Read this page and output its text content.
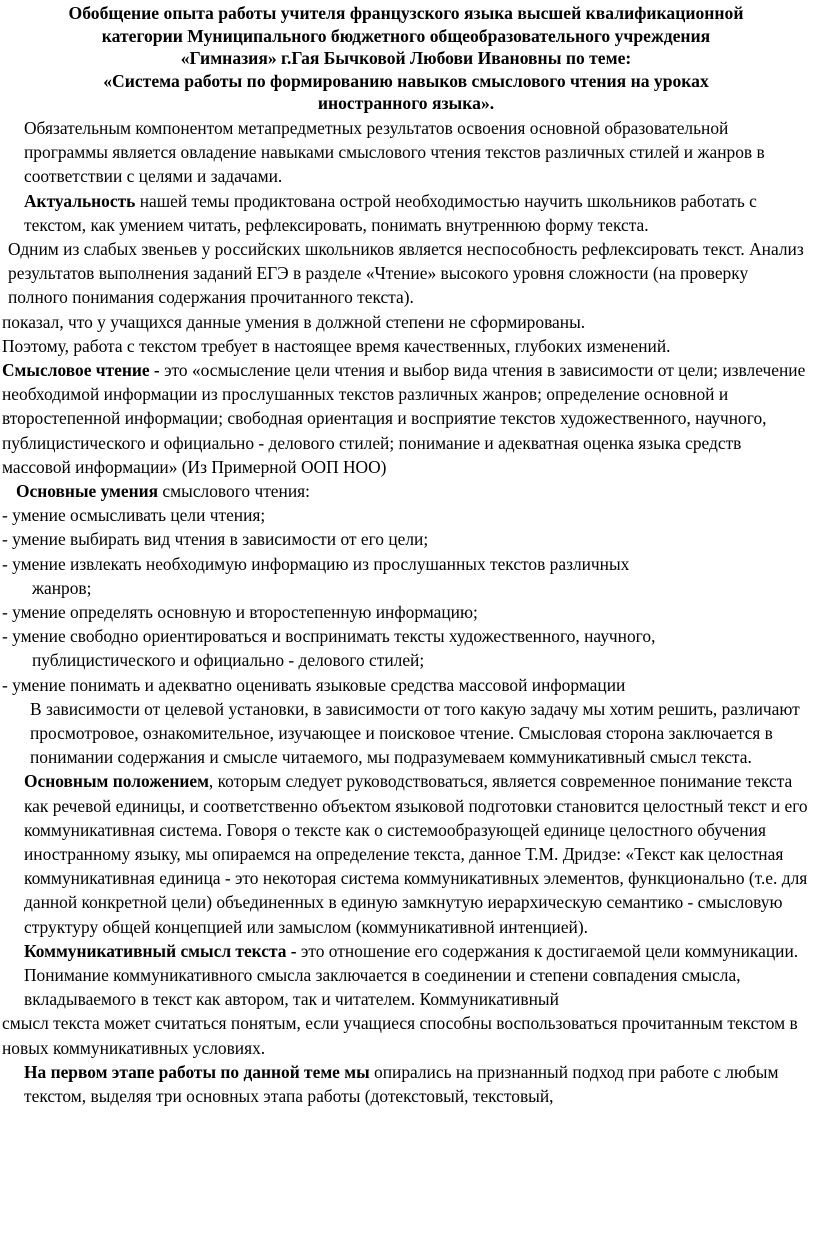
Обобщение опыта работы учителя французского языка высшей квалификационной
категории Муниципального бюджетного общеобразовательного учреждения
«Гимназия» г.Гая Бычковой Любови Ивановны по теме:
«Система работы по формированию навыков смыслового чтения на уроках
иностранного языка».

Обязательным компонентом метапредметных результатов освоения основной образовательной программы является овладение навыками смыслового чтения текстов различных стилей и жанров в соответствии с целями и задачами.

Актуальность нашей темы продиктована острой необходимостью научить школьников работать с текстом, как умением читать, рефлексировать, понимать внутреннюю форму текста.

Одним из слабых звеньев у российских школьников является неспособность рефлексировать текст. Анализ результатов выполнения заданий ЕГЭ в разделе «Чтение» высокого уровня сложности (на проверку полного понимания содержания прочитанного текста).

показал, что у учащихся данные умения в должной степени не сформированы.
Поэтому, работа с текстом требует в настоящее время качественных, глубоких изменений.

Смысловое чтение - это «осмысление цели чтения и выбор вида чтения в зависимости от цели; извлечение необходимой информации из прослушанных текстов различных жанров; определение основной и второстепенной информации; свободная ориентация и восприятие текстов художественного, научного, публицистического и официально - делового стилей; понимание и адекватная оценка языка средств массовой информации» (Из Примерной ООП НОО)

Основные умения смыслового чтения:

- умение осмысливать цели чтения;
- умение выбирать вид чтения в зависимости от его цели;
- умение извлекать необходимую информацию из прослушанных текстов различных
жанров;
- умение определять основную и второстепенную информацию;
- умение свободно ориентироваться и воспринимать тексты художественного, научного,
публицистического и официально - делового стилей;
- умение понимать и адекватно оценивать языковые средства массовой информации

В зависимости от целевой установки, в зависимости от того какую задачу мы хотим решить, различают просмотровое, ознакомительное, изучающее и поисковое чтение. Смысловая сторона заключается в понимании содержания и смысле читаемого, мы подразумеваем коммуникативный смысл текста.

Основным положением, которым следует руководствоваться, является современное понимание текста как речевой единицы, и соответственно объектом языковой подготовки становится целостный текст и его коммуникативная система. Говоря о тексте как о системообразующей единице целостного обучения иностранному языку, мы опираемся на определение текста, данное Т.М. Дридзе: «Текст как целостная коммуникативная единица - это некоторая система коммуникативных элементов, функционально (т.е. для данной конкретной цели) объединенных в единую замкнутую иерархическую семантико - смысловую структуру общей концепцией или замыслом (коммуникативной интенцией).

Коммуникативный смысл текста - это отношение его содержания к достигаемой цели коммуникации. Понимание коммуникативного смысла заключается в соединении и степени совпадения смысла, вкладываемого в текст как автором, так и читателем. Коммуникативный

смысл текста может считаться понятым, если учащиеся способны воспользоваться прочитанным текстом в новых коммуникативных условиях.

На первом этапе работы по данной теме мы опирались на признанный подход при работе с любым текстом, выделяя три основных этапа работы (дотекстовый, текстовый,
